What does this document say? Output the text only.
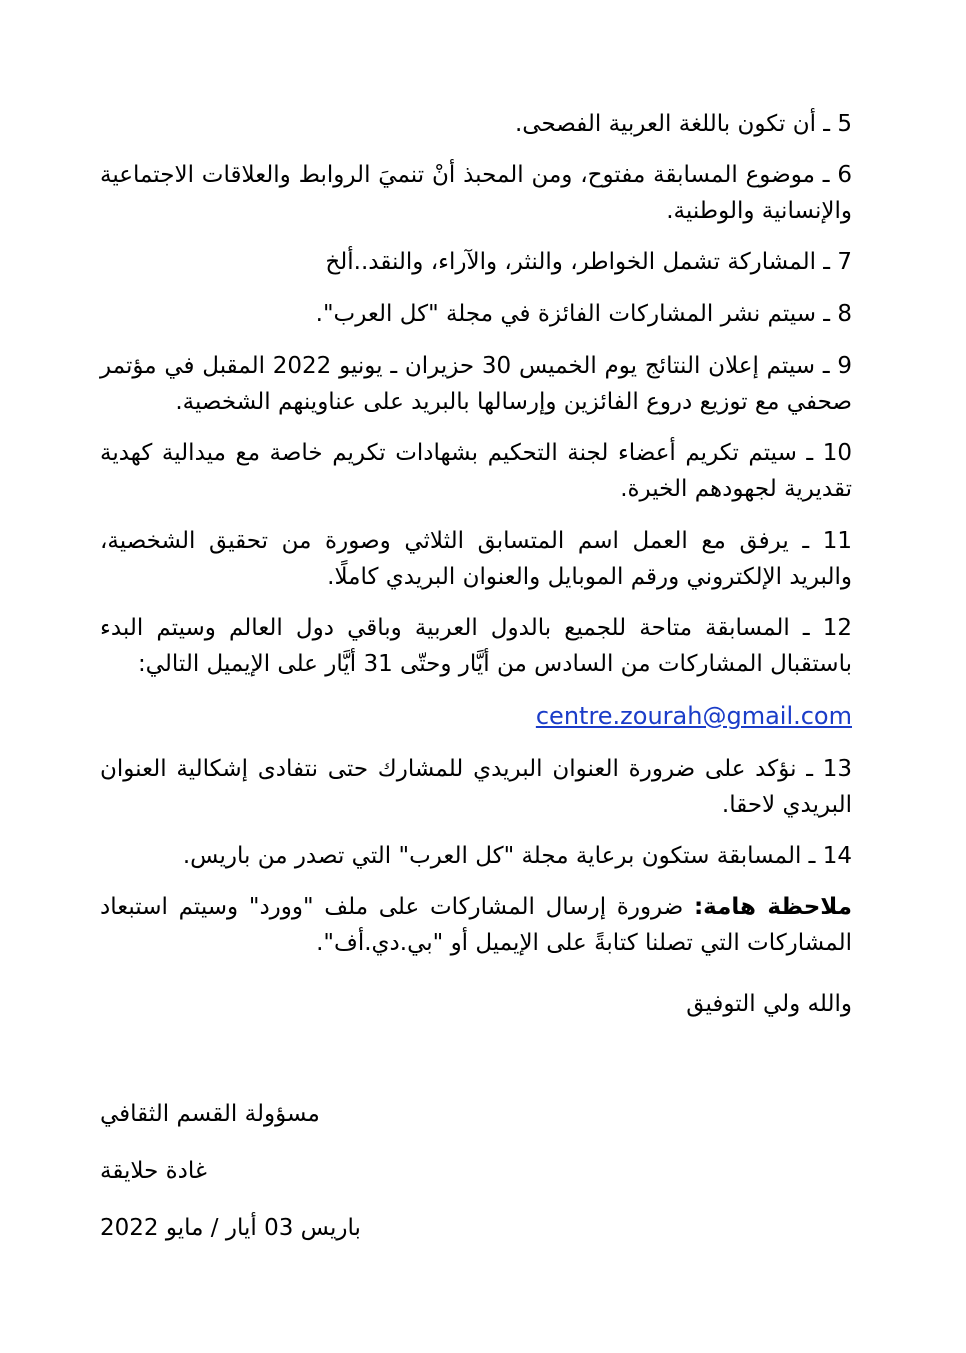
5 ـ أن تكون باللغة العربية الفصحى.

6 ـ موضوع المسابقة مفتوح، ومن المحبذ أنْ تنميَ الروابط والعلاقات الاجتماعية والإنسانية والوطنية.

7 ـ المشاركة تشمل الخواطر، والنثر، والآراء، والنقد..ألخ

8 ـ سيتم نشر المشاركات الفائزة في مجلة "كل العرب".

9 ـ سيتم إعلان النتائج يوم الخميس 30 حزيران ـ يونيو 2022 المقبل في مؤتمر صحفي مع توزيع دروع الفائزين وإرسالها بالبريد على عناوينهم الشخصية.

10 ـ سيتم تكريم أعضاء لجنة التحكيم بشهادات تكريم خاصة مع ميدالية كهدية تقديرية لجهودهم الخيرة.

11 ـ يرفق مع العمل اسم المتسابق الثلاثي وصورة من تحقيق الشخصية، والبريد الإلكتروني ورقم الموبايل والعنوان البريدي كاملًا.

12 ـ المسابقة متاحة للجميع بالدول العربية وباقي دول العالم وسيتم البدء باستقبال المشاركات من السادس من أيَّار وحتّى 31 أيَّار على الإيميل التالي:

centre.zourah@gmail.com

13 ـ نؤكد على ضرورة العنوان البريدي للمشارك حتى نتفادى إشكالية العنوان البريدي لاحقا.

14 ـ المسابقة ستكون برعاية مجلة "كل العرب" التي تصدر من باريس.

ملاحظة هامة: ضرورة إرسال المشاركات على ملف "وورد" وسيتم استبعاد المشاركات التي تصلنا كتابةً على الإيميل أو "بي.دي.أف".

والله ولي التوفيق

مسؤولة القسم الثقافي
غادة حلايقة
باريس 03 أيار / مايو 2022
